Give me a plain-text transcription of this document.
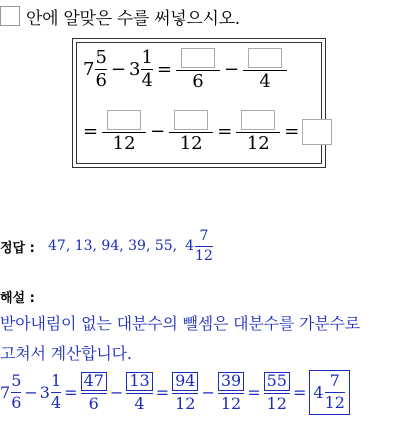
안에 알맞은 수를 써넣으시오.
$7 \frac{5}{6} - 3 \frac{1}{4}$ =
6
−
4
=
12
−
12
=
12
=
정답 : 47, 13, 94, 39, 55, $4 \frac{7}{12}$
해설 :
받아내림이 없는 대분수의 뺄셈은 대분수를 가분수로
고쳐서 계산합니다.
$7 \frac{5}{6} - 3 \frac{1}{4} = \frac{47}{6} - \frac{13}{4} = \frac{94}{12} - \frac{39}{12} = \frac{55}{12} = 4 \frac{7}{12}$
